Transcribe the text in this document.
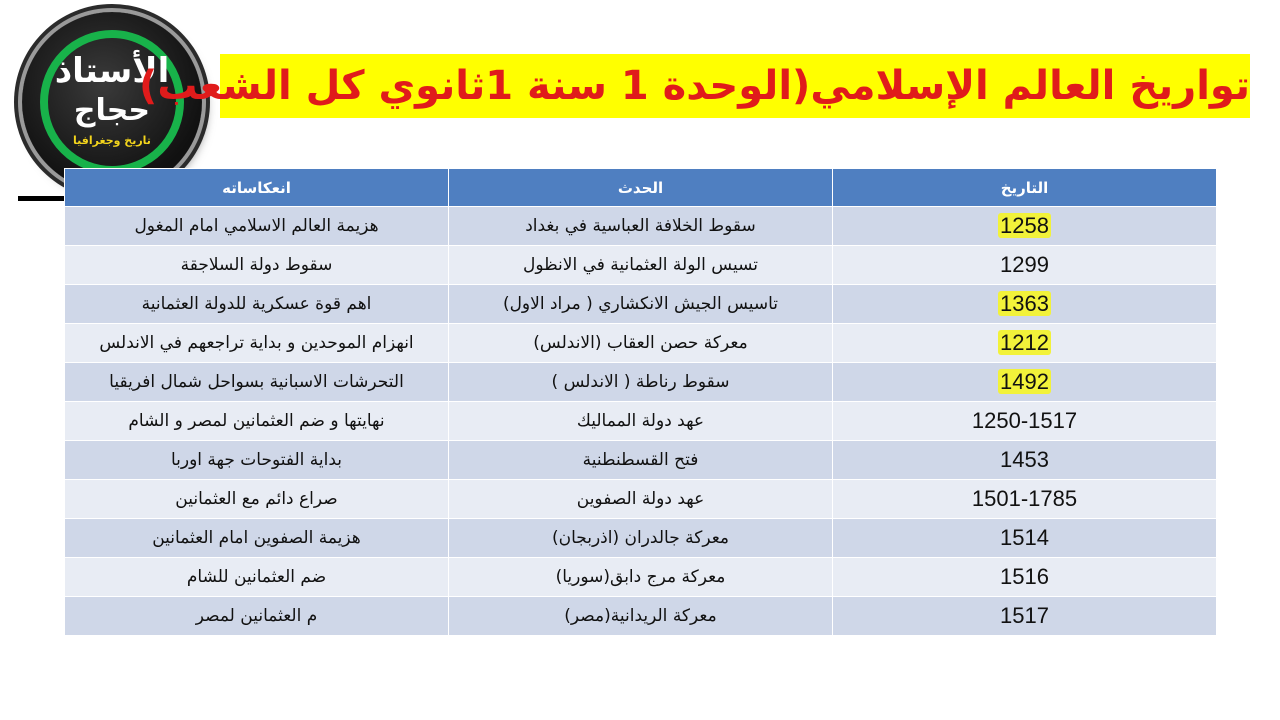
الأستاذ
حجاج
تاريخ وجغرافيا
تواريخ العالم الإسلامي(الوحدة 1 سنة 1ثانوي كل الشعب)
انعكاساته	الحدث	التاريخ
هزيمة العالم الاسلامي امام المغول	سقوط الخلافة العباسية في بغداد	1258
سقوط دولة السلاجقة	تسيس الولة العثمانية في الانظول	1299
اهم قوة عسكرية للدولة العثمانية	تاسيس الجيش الانكشاري ( مراد الاول)	1363
انهزام الموحدين و بداية تراجعهم في الاندلس	معركة حصن العقاب (الاندلس)	1212
التحرشات الاسبانية بسواحل شمال افريقيا	سقوط رناطة ( الاندلس )	1492
نهايتها و ضم العثمانين لمصر و الشام	عهد دولة المماليك	1250-1517
بداية الفتوحات جهة اوربا	فتح القسطنطنية	1453
صراع دائم مع العثمانين	عهد دولة الصفوين	1501-1785
هزيمة الصفوين امام العثمانين	معركة جالدران (اذربجان)	1514
ضم العثمانين للشام	معركة مرج دابق(سوريا)	1516
م العثمانين لمصر	معركة الريدانية(مصر)	1517
